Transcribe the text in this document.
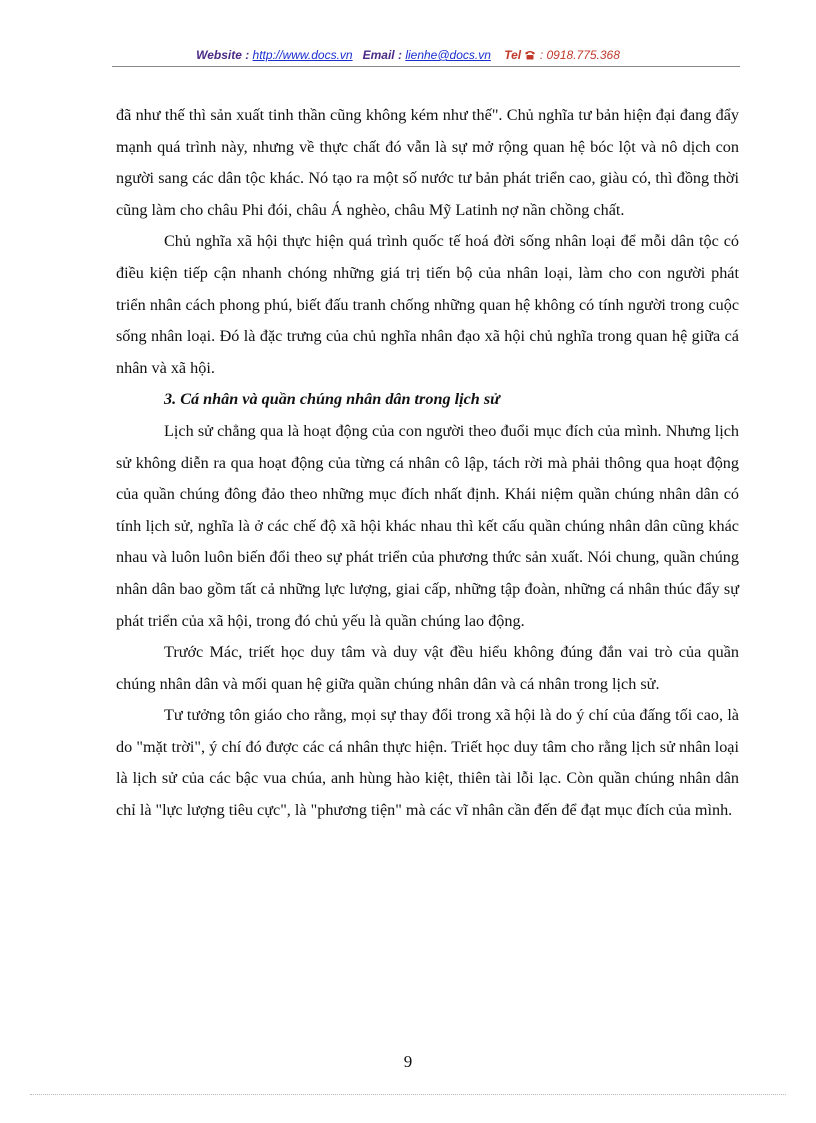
Website : http://www.docs.vn Email : lienhe@docs.vn Tel : 0918.775.368

đã như thế thì sản xuất tinh thần cũng không kém như thế". Chủ nghĩa tư bản hiện đại đang đẩy mạnh quá trình này, nhưng về thực chất đó vẫn là sự mở rộng quan hệ bóc lột và nô dịch con người sang các dân tộc khác. Nó tạo ra một số nước tư bản phát triển cao, giàu có, thì đồng thời cũng làm cho châu Phi đói, châu Á nghèo, châu Mỹ Latinh nợ nần chồng chất.

Chủ nghĩa xã hội thực hiện quá trình quốc tế hoá đời sống nhân loại để mỗi dân tộc có điều kiện tiếp cận nhanh chóng những giá trị tiến bộ của nhân loại, làm cho con người phát triển nhân cách phong phú, biết đấu tranh chống những quan hệ không có tính người trong cuộc sống nhân loại. Đó là đặc trưng của chủ nghĩa nhân đạo xã hội chủ nghĩa trong quan hệ giữa cá nhân và xã hội.

3. Cá nhân và quần chúng nhân dân trong lịch sử

Lịch sử chẳng qua là hoạt động của con người theo đuổi mục đích của mình. Nhưng lịch sử không diễn ra qua hoạt động của từng cá nhân cô lập, tách rời mà phải thông qua hoạt động của quần chúng đông đảo theo những mục đích nhất định. Khái niệm quần chúng nhân dân có tính lịch sử, nghĩa là ở các chế độ xã hội khác nhau thì kết cấu quần chúng nhân dân cũng khác nhau và luôn luôn biến đổi theo sự phát triển của phương thức sản xuất. Nói chung, quần chúng nhân dân bao gồm tất cả những lực lượng, giai cấp, những tập đoàn, những cá nhân thúc đẩy sự phát triển của xã hội, trong đó chủ yếu là quần chúng lao động.

Trước Mác, triết học duy tâm và duy vật đều hiểu không đúng đắn vai trò của quần chúng nhân dân và mối quan hệ giữa quần chúng nhân dân và cá nhân trong lịch sử.

Tư tưởng tôn giáo cho rằng, mọi sự thay đổi trong xã hội là do ý chí của đấng tối cao, là do "mặt trời", ý chí đó được các cá nhân thực hiện. Triết học duy tâm cho rằng lịch sử nhân loại là lịch sử của các bậc vua chúa, anh hùng hào kiệt, thiên tài lỗi lạc. Còn quần chúng nhân dân chỉ là "lực lượng tiêu cực", là "phương tiện" mà các vĩ nhân cần đến để đạt mục đích của mình.

9
